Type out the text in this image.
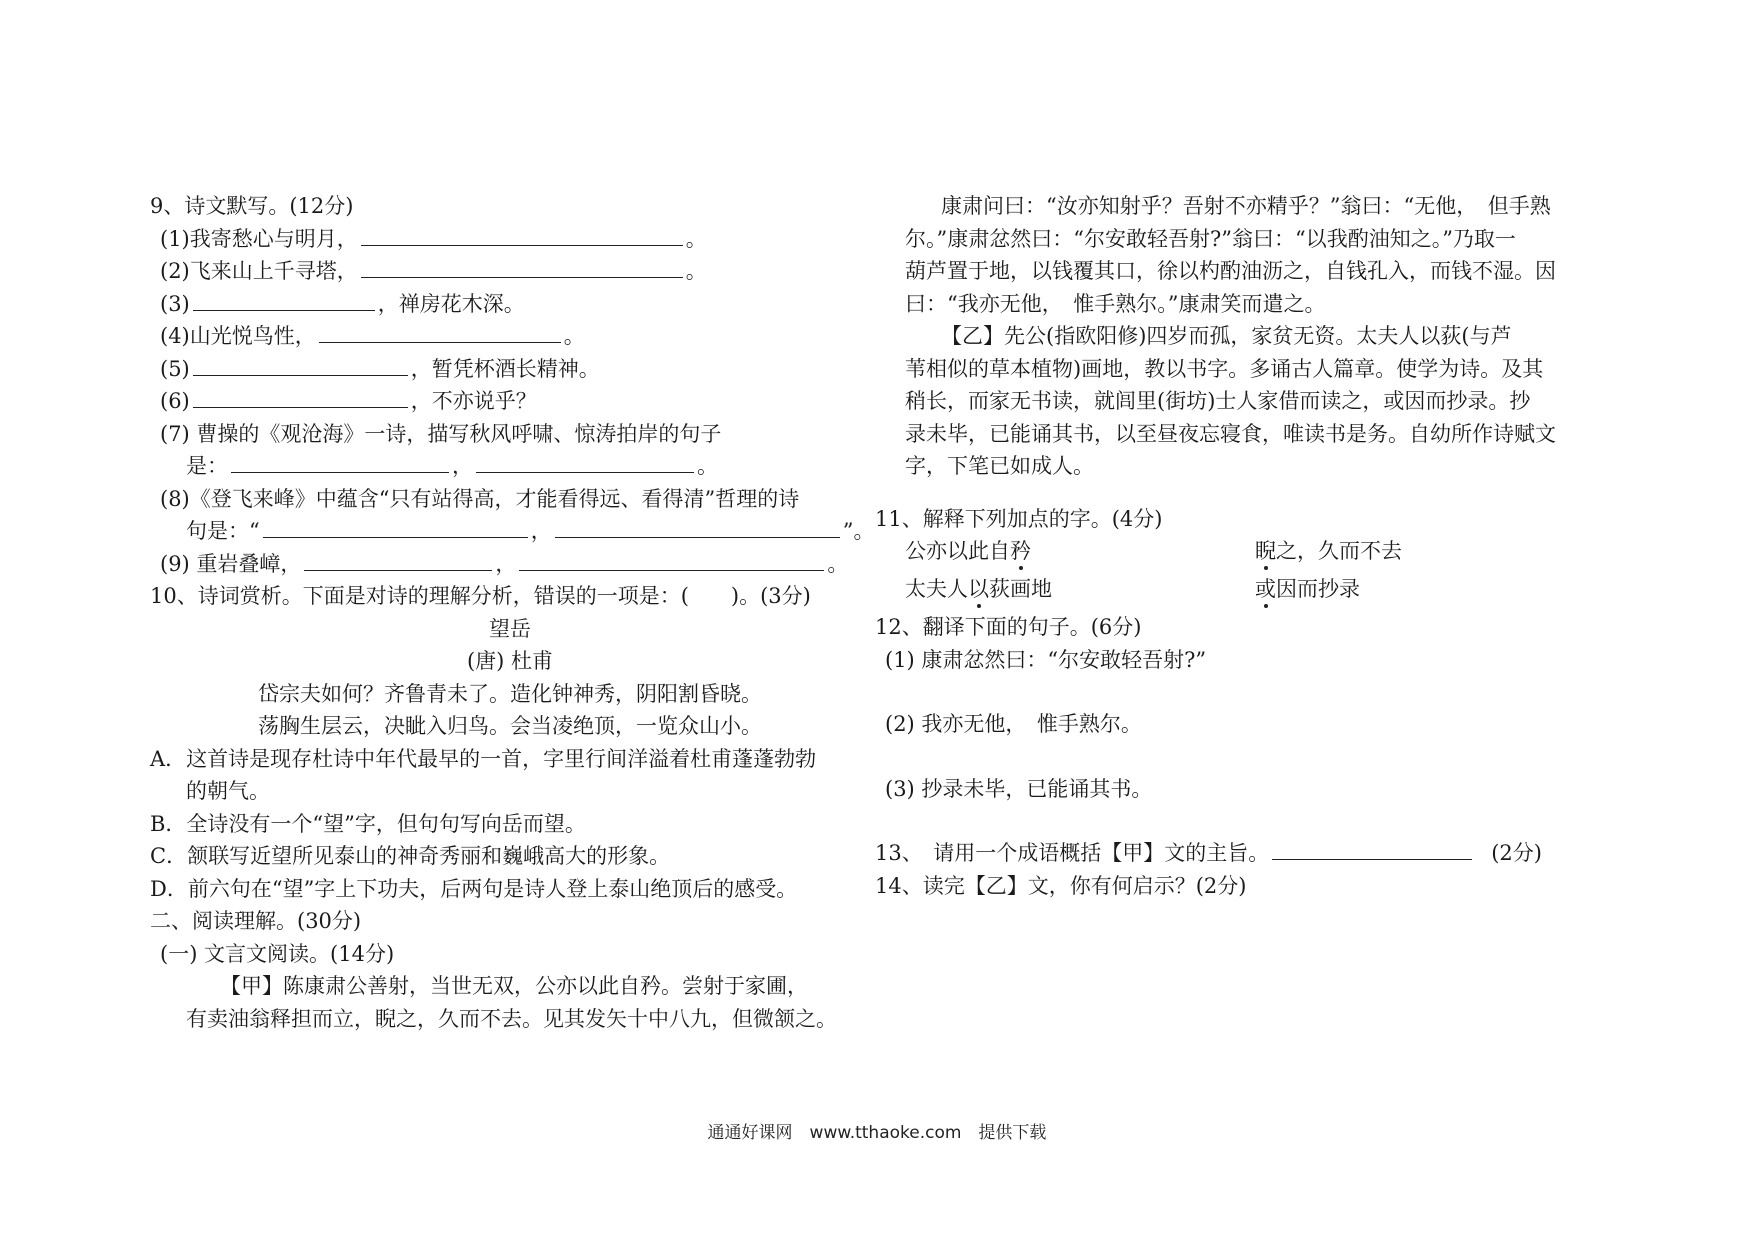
9、诗文默写。(12分)
(1)我寄愁心与明月，	。
(2)飞来山上千寻塔，	。
(3)	，禅房花木深。
(4)山光悦鸟性，	。
(5)	，暂凭杯酒长精神。
(6)	，不亦说乎？
(7) 曹操的《观沧海》一诗，描写秋风呼啸、惊涛拍岸的句子
是：	，	。
(8)《登飞来峰》中蕴含“只有站得高，才能看得远、看得清”哲理的诗
句是：“	，	”。
(9) 重岩叠嶂，	，	。
10、诗词赏析。下面是对诗的理解分析，错误的一项是：(　　)。(3分)
望岳
(唐) 杜甫
岱宗夫如何？齐鲁青未了。造化钟神秀，阴阳割昏晓。
荡胸生层云，决眦入归鸟。会当凌绝顶，一览众山小。
A．这首诗是现存杜诗中年代最早的一首，字里行间洋溢着杜甫蓬蓬勃勃
的朝气。
B．全诗没有一个“望”字，但句句写向岳而望。
C．颔联写近望所见泰山的神奇秀丽和巍峨高大的形象。
D．前六句在“望”字上下功夫，后两句是诗人登上泰山绝顶后的感受。
二、阅读理解。(30分)
(一) 文言文阅读。(14分)
【甲】陈康肃公善射，当世无双，公亦以此自矜。尝射于家圃，
有卖油翁释担而立，睨之，久而不去。见其发矢十中八九，但微颔之。
康肃问曰：“汝亦知射乎？吾射不亦精乎？”翁曰：“无他，　但手熟
尔。”康肃忿然曰：“尔安敢轻吾射?”翁曰：“以我酌油知之。”乃取一
葫芦置于地，以钱覆其口，徐以杓酌油沥之，自钱孔入，而钱不湿。因
曰：“我亦无他，　惟手熟尔。”康肃笑而遣之。
【乙】先公(指欧阳修)四岁而孤，家贫无资。太夫人以荻(与芦
苇相似的草本植物)画地，教以书字。多诵古人篇章。使学为诗。及其
稍长，而家无书读，就闾里(街坊)士人家借而读之，或因而抄录。抄
录未毕，已能诵其书，以至昼夜忘寝食，唯读书是务。自幼所作诗赋文
字，下笔已如成人。
11、解释下列加点的字。(4分)
公亦以此自矜	睨之，久而不去
太夫人以荻画地	或因而抄录
12、翻译下面的句子。(6分)
(1) 康肃忿然曰：“尔安敢轻吾射?”
(2) 我亦无他，　惟手熟尔。
(3) 抄录未毕，已能诵其书。
13、　请用一个成语概括【甲】文的主旨。	(2分)
14、读完【乙】文，你有何启示？(2分)
通通好课网　www.tthaoke.com　提供下载
